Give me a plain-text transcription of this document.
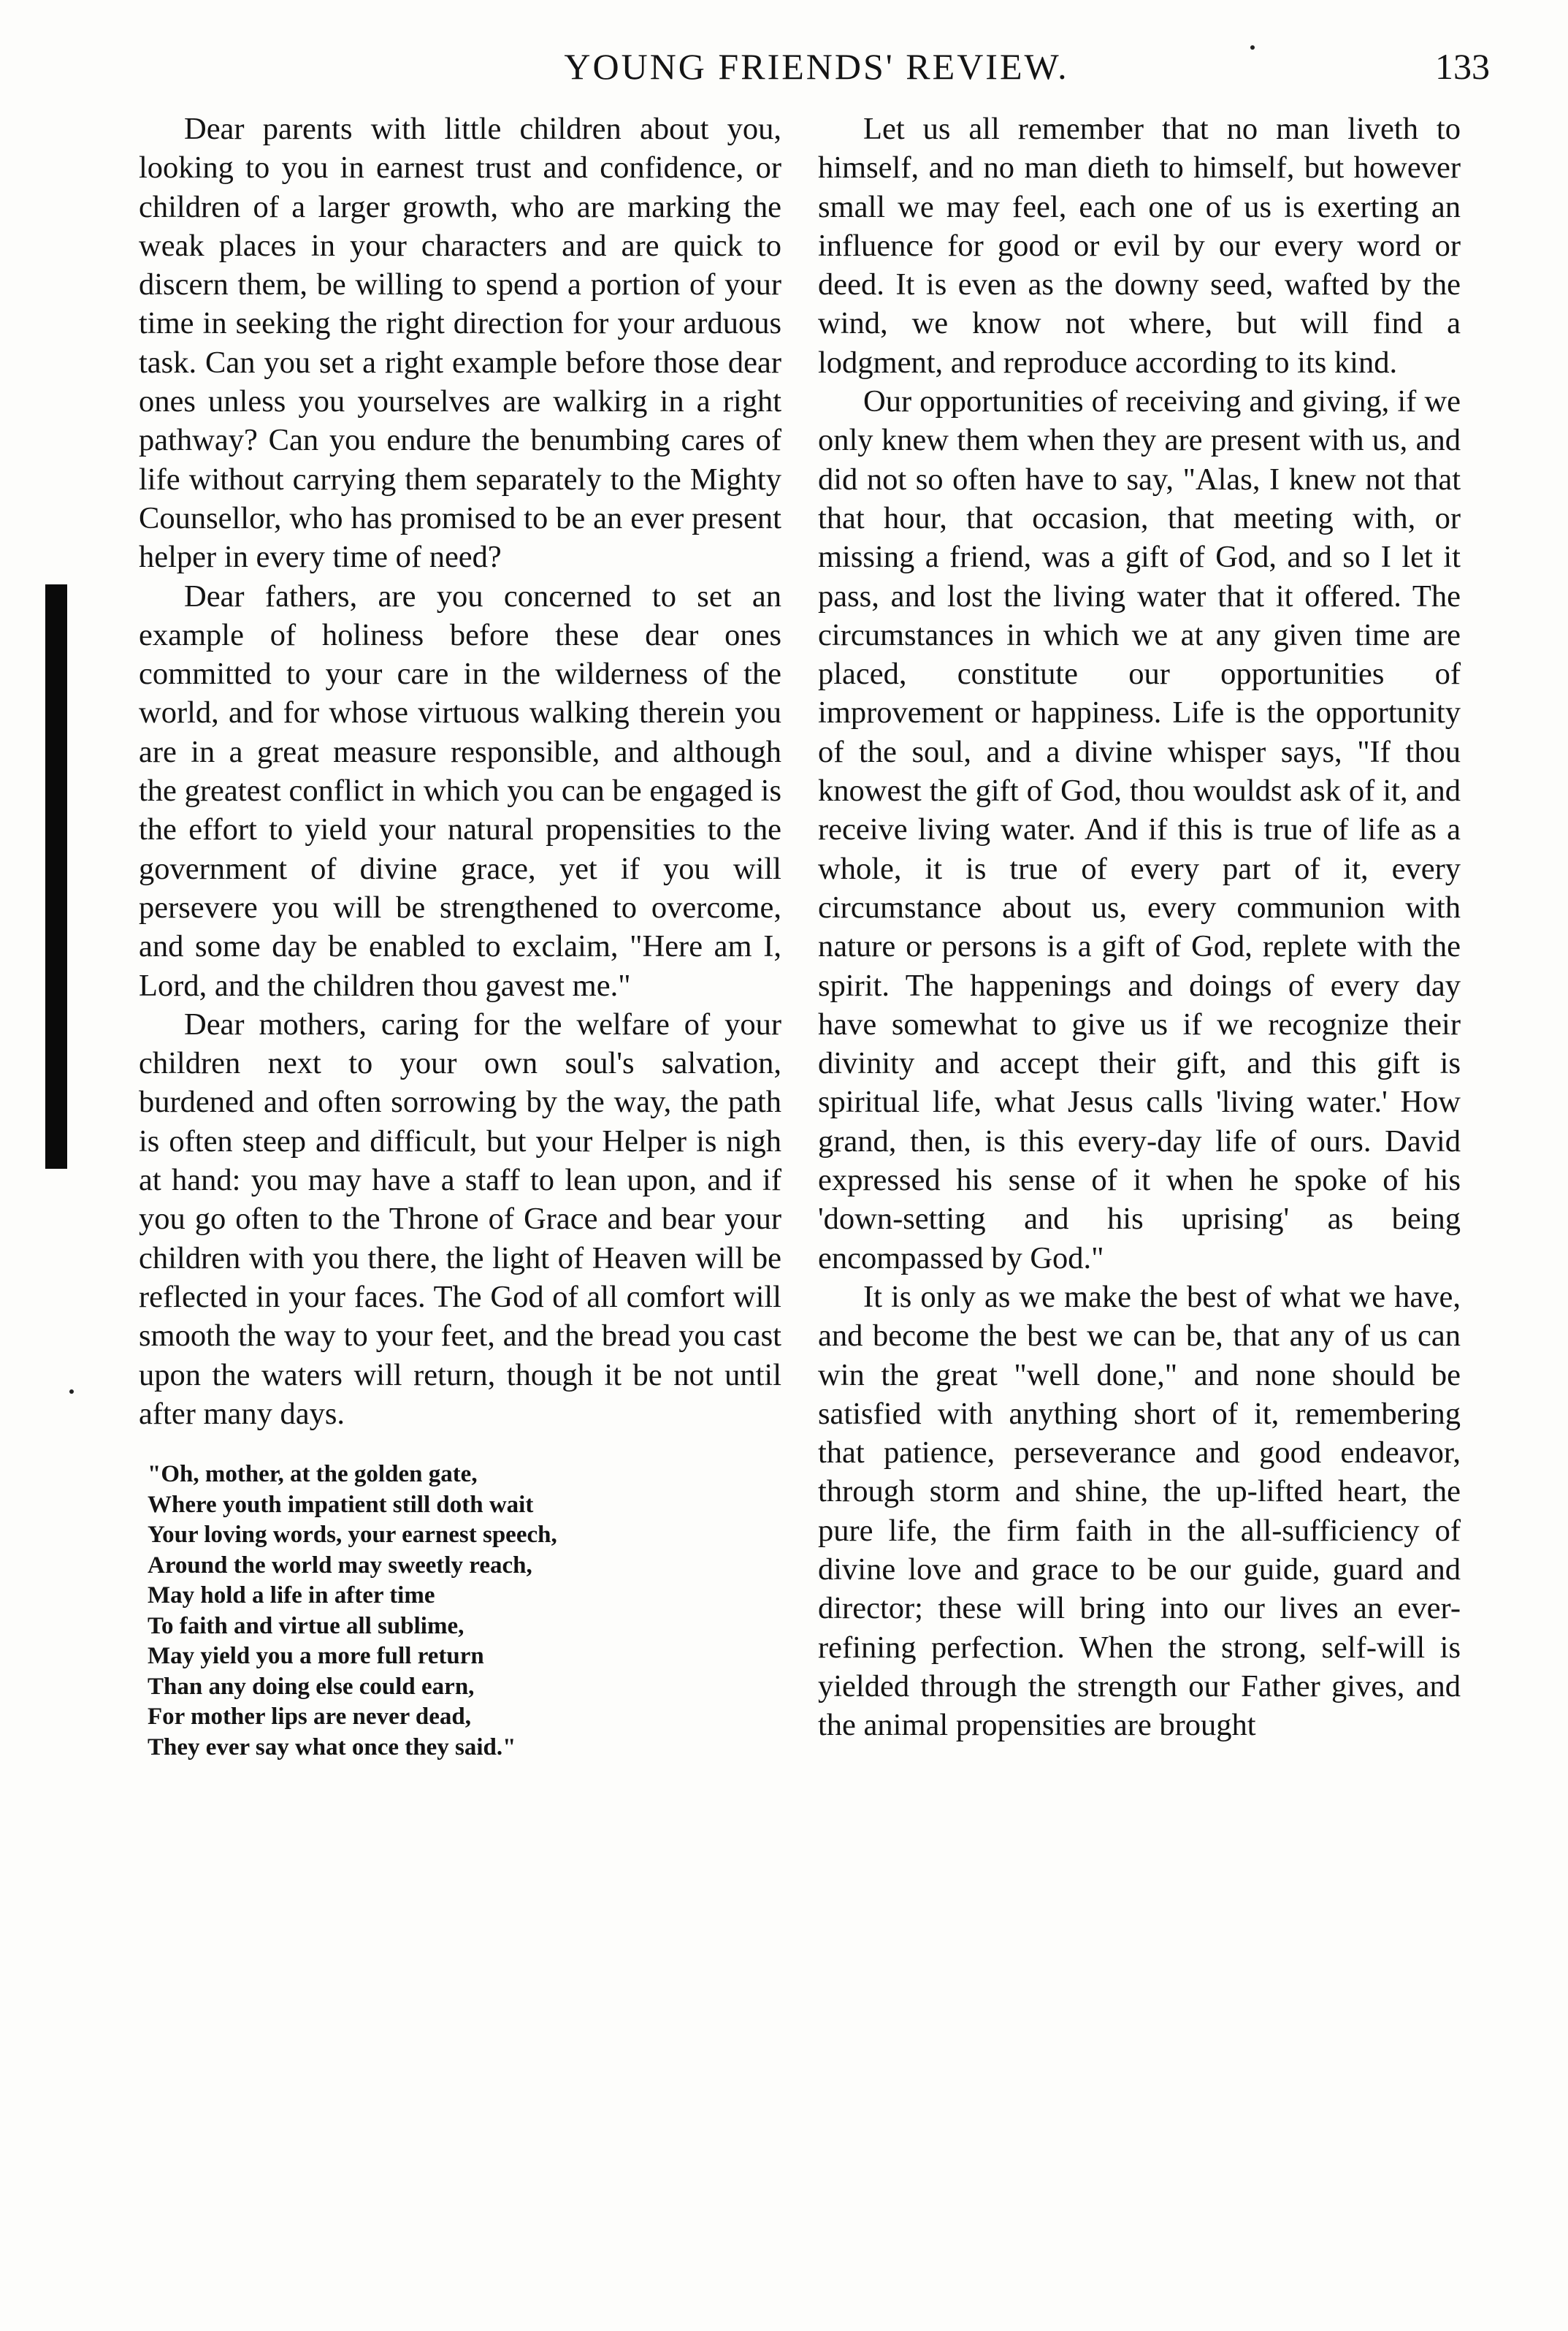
YOUNG FRIENDS' REVIEW.	133

Dear parents with little children about you, looking to you in earnest trust and confidence, or children of a larger growth, who are marking the weak places in your characters and are quick to discern them, be willing to spend a portion of your time in seeking the right direction for your arduous task. Can you set a right example before those dear ones unless you yourselves are walkirg in a right pathway? Can you endure the benumbing cares of life without carrying them separately to the Mighty Counsellor, who has promised to be an ever present helper in every time of need?

Dear fathers, are you concerned to set an example of holiness before these dear ones committed to your care in the wilderness of the world, and for whose virtuous walking therein you are in a great measure responsible, and although the greatest conflict in which you can be engaged is the effort to yield your natural propensities to the government of divine grace, yet if you will persevere you will be strengthened to overcome, and some day be enabled to exclaim, "Here am I, Lord, and the children thou gavest me."

Dear mothers, caring for the welfare of your children next to your own soul's salvation, burdened and often sorrowing by the way, the path is often steep and difficult, but your Helper is nigh at hand: you may have a staff to lean upon, and if you go often to the Throne of Grace and bear your children with you there, the light of Heaven will be reflected in your faces. The God of all comfort will smooth the way to your feet, and the bread you cast upon the waters will return, though it be not until after many days.

"Oh, mother, at the golden gate,
Where youth impatient still doth wait
Your loving words, your earnest speech,
Around the world may sweetly reach,
May hold a life in after time
To faith and virtue all sublime,
May yield you a more full return
Than any doing else could earn,
For mother lips are never dead,
They ever say what once they said."

Let us all remember that no man liveth to himself, and no man dieth to himself, but however small we may feel, each one of us is exerting an influence for good or evil by our every word or deed. It is even as the downy seed, wafted by the wind, we know not where, but will find a lodgment, and reproduce according to its kind.

Our opportunities of receiving and giving, if we only knew them when they are present with us, and did not so often have to say, "Alas, I knew not that that hour, that occasion, that meeting with, or missing a friend, was a gift of God, and so I let it pass, and lost the living water that it offered. The circumstances in which we at any given time are placed, constitute our opportunities of improvement or happiness. Life is the opportunity of the soul, and a divine whisper says, "If thou knowest the gift of God, thou wouldst ask of it, and receive living water. And if this is true of life as a whole, it is true of every part of it, every circumstance about us, every communion with nature or persons is a gift of God, replete with the spirit. The happenings and doings of every day have somewhat to give us if we recognize their divinity and accept their gift, and this gift is spiritual life, what Jesus calls 'living water.' How grand, then, is this every-day life of ours. David expressed his sense of it when he spoke of his 'down-setting and his uprising' as being encompassed by God."

It is only as we make the best of what we have, and become the best we can be, that any of us can win the great "well done," and none should be satisfied with anything short of it, remembering that patience, perseverance and good endeavor, through storm and shine, the up-lifted heart, the pure life, the firm faith in the all-sufficiency of divine love and grace to be our guide, guard and director; these will bring into our lives an ever-refining perfection. When the strong, self-will is yielded through the strength our Father gives, and the animal propensities are brought
